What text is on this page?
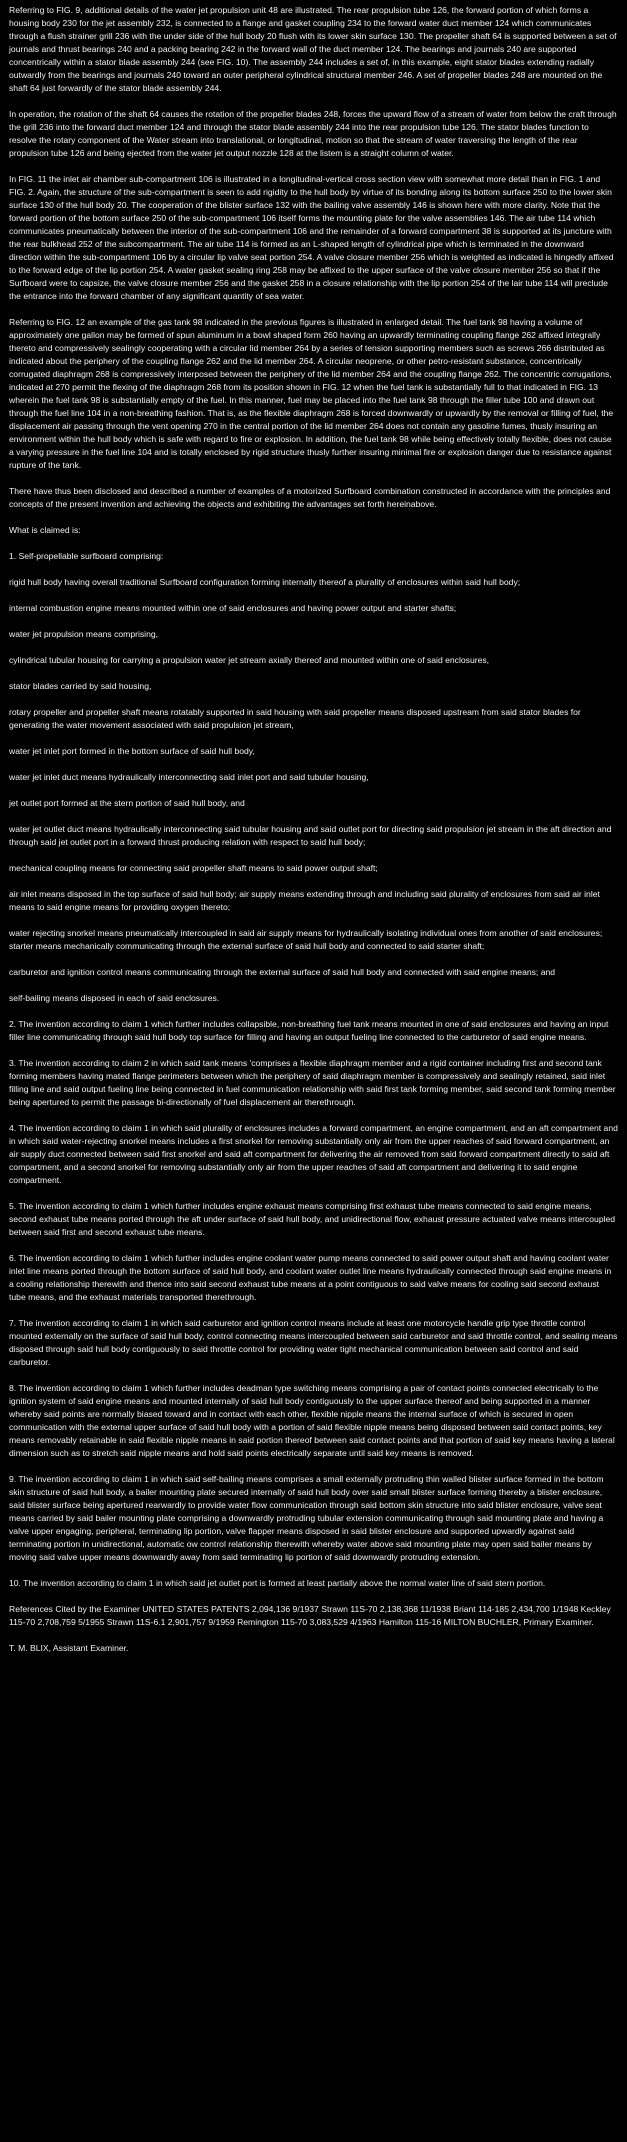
Referring to FIG. 9, additional details of the water jet propulsion unit 48 are illustrated. The rear propulsion tube 126, the forward portion of which forms a housing body 230 for the jet assembly 232, is connected to a flange and gasket coupling 234 to the forward water duct member 124 which communicates through a flush strainer grill 236 with the under side of the hull body 20 flush with its lower skin surface 130. The propeller shaft 64 is supported between a set of journals and thrust bearings 240 and a packing bearing 242 in the forward wall of the duct member 124. The bearings and journals 240 are supported concentrically within a stator blade assembly 244 (see FIG. 10). The assembly 244 includes a set of, in this example, eight stator blades extending radially outwardly from the bearings and journals 240 toward an outer peripheral cylindrical structural member 246. A set of propeller blades 248 are mounted on the shaft 64 just forwardly of the stator blade assembly 244.

In operation, the rotation of the shaft 64 causes the rotation of the propeller blades 248, forces the upward flow of a stream of water from below the craft through the grill 236 into the forward duct member 124 and through the stator blade assembly 244 into the rear propulsion tube 126. The stator blades function to resolve the rotary component of the Water stream into translational, or longitudinal, motion so that the stream of water traversing the length of the rear propulsion tube 126 and being ejected from the water jet output nozzle 128 at the listem is a straight column of water.

In FIG. 11 the inlet air chamber sub-compartment 106 is illustrated in a longitudinal-vertical cross section view with somewhat more detail than in FIG. 1 and FIG. 2. Again, the structure of the sub-compartment is seen to add rigidity to the hull body by virtue of its bonding along its bottom surface 250 to the lower skin surface 130 of the hull body 20. The cooperation of the blister surface 132 with the bailing valve assembly 146 is shown here with more clarity. Note that the forward portion of the bottom surface 250 of the sub-compartment 106 itself forms the mounting plate for the valve assemblies 146. The air tube 114 which communicates pneumatically between the interior of the sub-compartment 106 and the remainder of a forward compartment 38 is supported at its juncture with the rear bulkhead 252 of the subcompartment. The air tube 114 is formed as an L-shaped length of cylindrical pipe which is terminated in the downward direction within the sub-compartment 106 by a circular lip valve seat portion 254. A valve closure member 256 which is weighted as indicated is hingedly affixed to the forward edge of the lip portion 254. A water gasket sealing ring 258 may be affixed to the upper surface of the valve closure member 256 so that if the Surfboard were to capsize, the valve closure member 256 and the gasket 258 in a closure relationship with the lip portion 254 of the lair tube 114 will preclude the entrance into the forward chamber of any significant quantity of sea water.

Referring to FIG. 12 an example of the gas tank 98 indicated in the previous figures is illustrated in enlarged detail. The fuel tank 98 having a volume of approximately one gallon may be formed of spun aluminum in a bowl shaped form 260 having an upwardly terminating coupling flange 262 affixed integrally thereto and compressively sealingly cooperating with a circular lid member 264 by a series of tension supporting members such as screws 266 distributed as indicated about the periphery of the coupling flange 262 and the lid member 264. A circular neoprene, or other petro-resistant substance, concentrically corrugated diaphragm 268 is compressively interposed between the periphery of the lid member 264 and the coupling flange 262. The concentric corrugations, indicated at 270 permit the flexing of the diaphragm 268 from its position shown in FIG. 12 when the fuel tank is substantially full to that indicated in FIG. 13 wherein the fuel tank 98 is substantially empty of the fuel. In this manner, fuel may be placed into the fuel tank 98 through the filler tube 100 and drawn out through the fuel line 104 in a non-breathing fashion. That is, as the flexible diaphragm 268 is forced downwardly or upwardly by the removal or filling of fuel, the displacement air passing through the vent opening 270 in the central portion of the lid member 264 does not contain any gasoline fumes, thusly insuring an environment within the hull body which is safe with regard to fire or explosion. In addition, the fuel tank 98 while being effectively totally flexible, does not cause a varying pressure in the fuel line 104 and is totally enclosed by rigid structure thusly further insuring minimal fire or explosion danger due to resistance against rupture of the tank.

There have thus been disclosed and described a number of examples of a motorized Surfboard combination constructed in accordance with the principles and concepts of the present invention and achieving the objects and exhibiting the advantages set forth hereinabove.

What is claimed is:

1. Self-propellable surfboard comprising:

rigid hull body having overall traditional Surfboard configuration forming internally thereof a plurality of enclosures within said hull body;

internal combustion engine means mounted within one of said enclosures and having power output and starter shafts;

water jet propulsion means comprising,

cylindrical tubular housing for carrying a propulsion water jet stream axially thereof and mounted within one of said enclosures,

stator blades carried by said housing,

rotary propeller and propeller shaft means rotatably supported in said housing with said propeller means disposed upstream from said stator blades for generating the water movement associated with said propulsion jet stream,

water jet inlet port formed in the bottom surface of said hull body,

water jet inlet duct means hydraulically interconnecting said inlet port and said tubular housing,

jet outlet port formed at the stern portion of said hull body, and

water jet outlet duct means hydraulically interconnecting said tubular housing and said outlet port for directing said propulsion jet stream in the aft direction and through said jet outlet port in a forward thrust producing relation with respect to said hull body;

mechanical coupling means for connecting said propeller shaft means to said power output shaft;

air inlet means disposed in the top surface of said hull body; air supply means extending through and including said plurality of enclosures from said air inlet means to said engine means for providing oxygen thereto;

water rejecting snorkel means pneumatically intercoupled in said air supply means for hydraulically isolating individual ones from another of said enclosures;
starter means mechanically communicating through the external surface of said hull body and connected to said starter shaft;

carburetor and ignition control means communicating through the external surface of said hull body and connected with said engine means; and

self-bailing means disposed in each of said enclosures.

2. The invention according to claim 1 which further includes collapsible, non-breathing fuel tank means mounted in one of said enclosures and having an input filler line communicating through said hull body top surface for filling and having an output fueling line connected to the carburetor of said engine means.

3. The invention according to claim 2 in which said tank means 'comprises a flexible diaphragm member and a rigid container including first and second tank forming members having mated flange perimeters between which the periphery of said diaphragm member is compressively and sealingly retained, said inlet filling line and said output fueling line being connected in fuel communication relationship with said first tank forming member, said second tank forming member being apertured to permit the passage bi-directionally of fuel displacement air therethrough.

4. The invention according to claim 1 in which said plurality of enclosures includes a forward compartment, an engine compartment, and an aft compartment and in which said water-rejecting snorkel means includes a first snorkel for removing substantially only air from the upper reaches of said forward compartment, an air supply duct connected between said first snorkel and said aft compartment for delivering the air removed from said forward compartment directly to said aft compartment, and a second snorkel for removing substantially only air from the upper reaches of said aft compartment and delivering it to said engine compartment.

5. The invention according to claim 1 which further includes engine exhaust means comprising first exhaust tube means connected to said engine means, second exhaust tube means ported through the aft under surface of said hull body, and unidirectional flow, exhaust pressure actuated valve means intercoupled between said first and second exhaust tube means.

6. The invention according to claim 1 which further includes engine coolant water pump means connected to said power output shaft and having coolant water inlet line means ported through the bottom surface of said hull body, and coolant water outlet line means hydraulically connected through said engine means in a cooling relationship therewith and thence into said second exhaust tube means at a point contiguous to said valve means for cooling said second exhaust tube means, and the exhaust materials transported therethrough.

7. The invention according to claim 1 in which said carburetor and ignition control means include at least one motorcycle handle grip type throttle control mounted externally on the surface of said hull body, control connecting means intercoupled between said carburetor and said throttle control, and sealing means disposed through said hull body contiguously to said throttle control for providing water tight mechanical communication between said control and said carburetor.

8. The invention according to claim 1 which further includes deadman type switching means comprising a pair of contact points connected electrically to the ignition system of said engine means and mounted internally of said hull body contiguously to the upper surface thereof and being supported in a manner whereby said points are normally biased toward and in contact with each other, flexible nipple means the internal surface of which is secured in open communication with the external upper surface of said hull body with a portion of said flexible nipple means being disposed between said contact points, key means removably retainable in said flexible nipple means in said portion thereof between said contact points and that portion of said key means having a lateral dimension such as to stretch said nipple means and hold said points electrically separate until said key means is removed.

9. The invention according to claim 1 in which said self-bailing means comprises a small externally protruding thin walled blister surface formed in the bottom skin structure of said hull body, a bailer mounting plate secured internally of said hull body over said small blister surface forming thereby a blister enclosure, said blister surface being apertured rearwardly to provide water flow communication through said bottom skin structure into said blister enclosure, valve seat means carried by said bailer mounting plate comprising a downwardly protruding tubular extension communicating through said mounting plate and having a valve upper engaging, peripheral, terminating lip portion, valve flapper means disposed in said blister enclosure and supported upwardly against said terminating portion in unidirectional, automatic ow control relationship therewith whereby water above said mounting plate may open said bailer means by moving said valve upper means downwardly away from said terminating lip portion of said downwardly protruding extension.

10. The invention according to claim 1 in which said jet outlet port is formed at least partially above the normal water line of said stern portion.

References Cited by the Examiner UNITED STATES PATENTS 2,094,136 9/1937 Strawn 11S-70 2,138,368 11/1938 Briant 114-185 2,434,700 1/1948 Keckley 115-70 2,708,759 5/1955 Strawn 11S-6.1 2,901,757 9/1959 Remington 115-70 3,083,529 4/1963 Hamilton 115-16 MILTON BUCHLER, Primary Examiner.

T. M. BLIX, Assistant Examiner.
